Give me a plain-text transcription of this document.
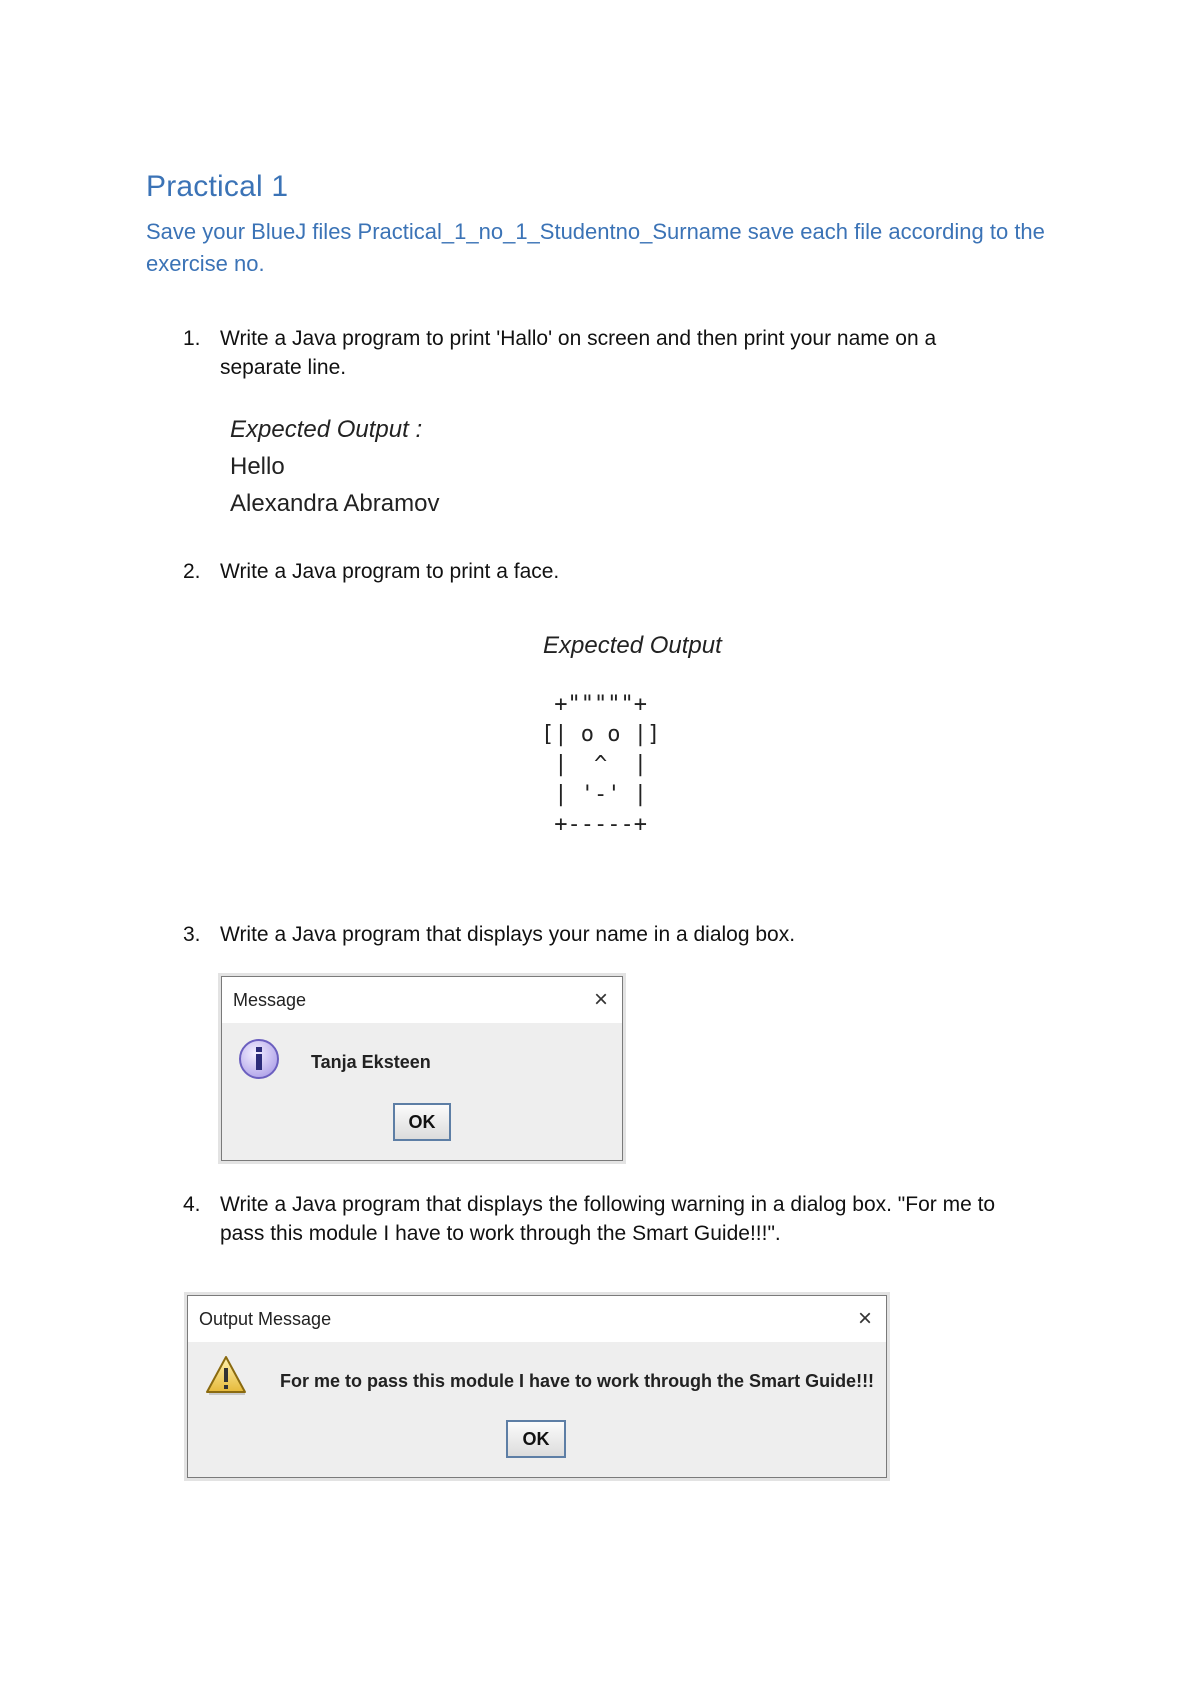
Practical 1
Save your BlueJ files Practical_1_no_1_Studentno_Surname save each file according to the exercise no.
1. Write a Java program to print 'Hallo' on screen and then print your name on a
separate line.
Expected Output :
Hello
Alexandra Abramov
2. Write a Java program to print a face.
Expected Output
+"""""+
[| o o |]
|  ^  |
| '-' |
+-----+
3. Write a Java program that displays your name in a dialog box.
Message	×
Tanja Eksteen
OK
4. Write a Java program that displays the following warning in a dialog box. "For me to
pass this module I have to work through the Smart Guide!!!".
Output Message	×
For me to pass this module I have to work through the Smart Guide!!!
OK
